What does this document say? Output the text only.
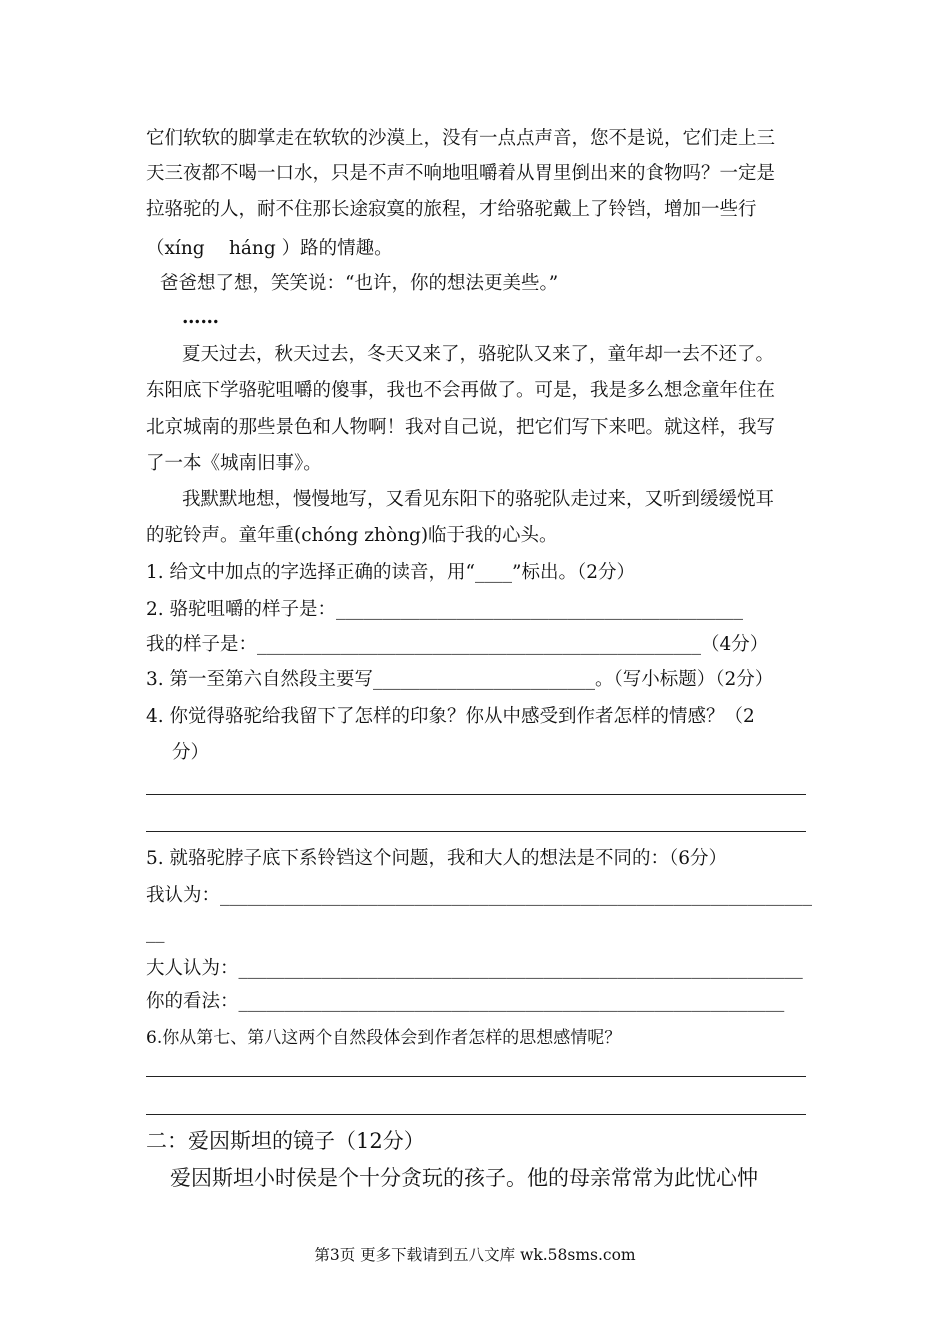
它们软软的脚掌走在软软的沙漠上，没有一点点声音，您不是说，它们走上三
天三夜都不喝一口水，只是不声不响地咀嚼着从胃里倒出来的食物吗？一定是
拉骆驼的人，耐不住那长途寂寞的旅程，才给骆驼戴上了铃铛，增加一些行
（xíng　 háng ）路的情趣。
爸爸想了想，笑笑说：“也许，你的想法更美些。”
……
夏天过去，秋天过去，冬天又来了，骆驼队又来了，童年却一去不还了。
东阳底下学骆驼咀嚼的傻事，我也不会再做了。可是，我是多么想念童年住在
北京城南的那些景色和人物啊！我对自己说，把它们写下来吧。就这样，我写
了一本《城南旧事》。
我默默地想，慢慢地写，又看见东阳下的骆驼队走过来，又听到缓缓悦耳
的驼铃声。童年重(chóng zhòng)临于我的心头。
1. 给文中加点的字选择正确的读音，用“____”标出。（2分）
2. 骆驼咀嚼的样子是：____________________________________________
我的样子是：________________________________________________（4分）
3. 第一至第六自然段主要写________________________。（写小标题）（2分）
4. 你觉得骆驼给我留下了怎样的印象？你从中感受到作者怎样的情感？（2
分）
5. 就骆驼脖子底下系铃铛这个问题，我和大人的想法是不同的：（6分）
我认为：________________________________________________________________
__
大人认为：_____________________________________________________________
你的看法：___________________________________________________________
6.你从第七、第八这两个自然段体会到作者怎样的思想感情呢？
二：爱因斯坦的镜子（12分）
爱因斯坦小时侯是个十分贪玩的孩子。他的母亲常常为此忧心忡
第3页 更多下载请到五八文库 wk.58sms.com
